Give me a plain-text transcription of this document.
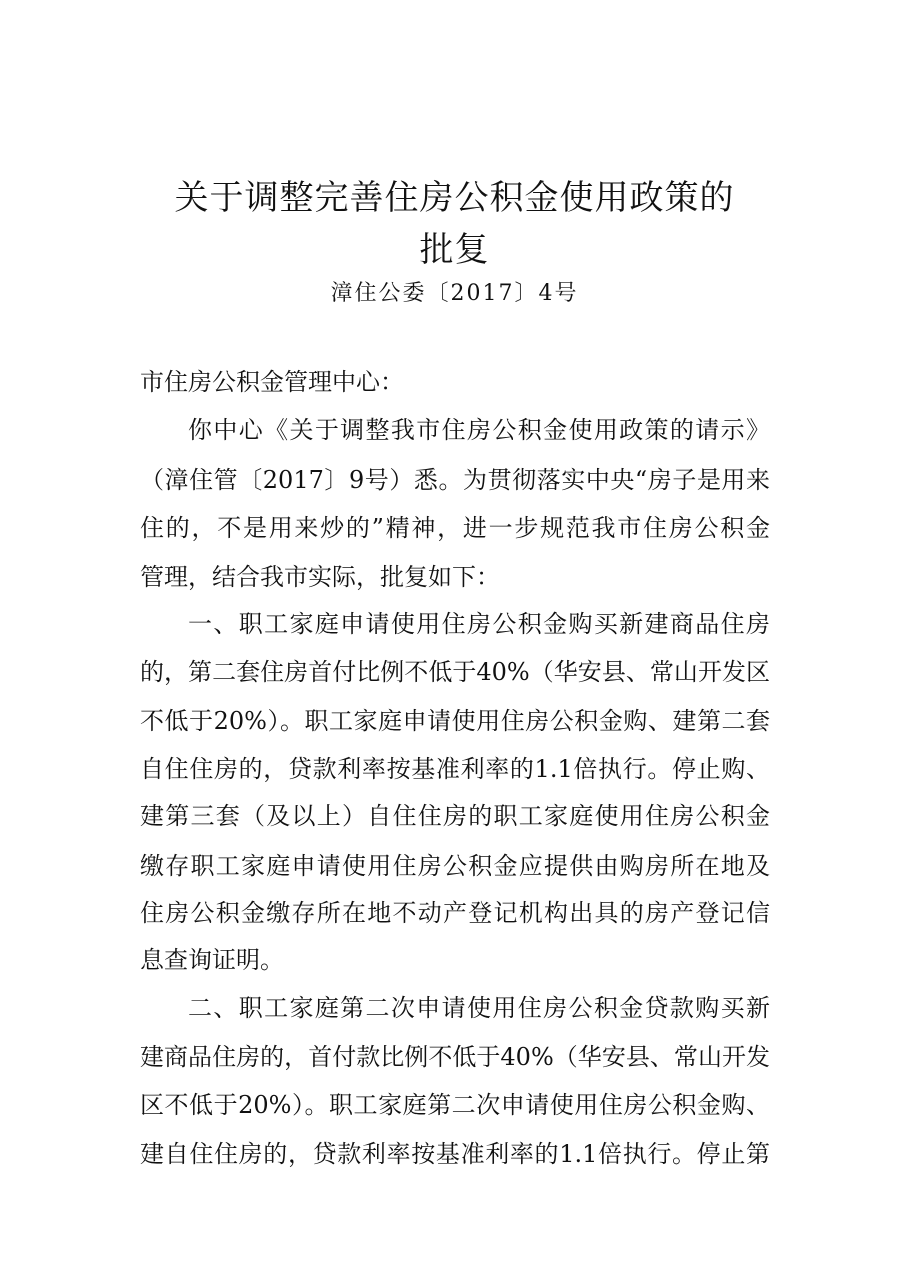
关于调整完善住房公积金使用政策的
批复
漳住公委〔2017〕4号
市住房公积金管理中心：
你中心《关于调整我市住房公积金使用政策的请示》
（漳住管〔2017〕9号）悉。为贯彻落实中央“房子是用来
住的，不是用来炒的”精神，进一步规范我市住房公积金
管理，结合我市实际，批复如下：
一、职工家庭申请使用住房公积金购买新建商品住房
的，第二套住房首付比例不低于40%（华安县、常山开发区
不低于20%）。职工家庭申请使用住房公积金购、建第二套
自住住房的，贷款利率按基准利率的1.1倍执行。停止购、
建第三套（及以上）自住住房的职工家庭使用住房公积金
缴存职工家庭申请使用住房公积金应提供由购房所在地及
住房公积金缴存所在地不动产登记机构出具的房产登记信
息查询证明。
二、职工家庭第二次申请使用住房公积金贷款购买新
建商品住房的，首付款比例不低于40%（华安县、常山开发
区不低于20%）。职工家庭第二次申请使用住房公积金购、
建自住住房的，贷款利率按基准利率的1.1倍执行。停止第
